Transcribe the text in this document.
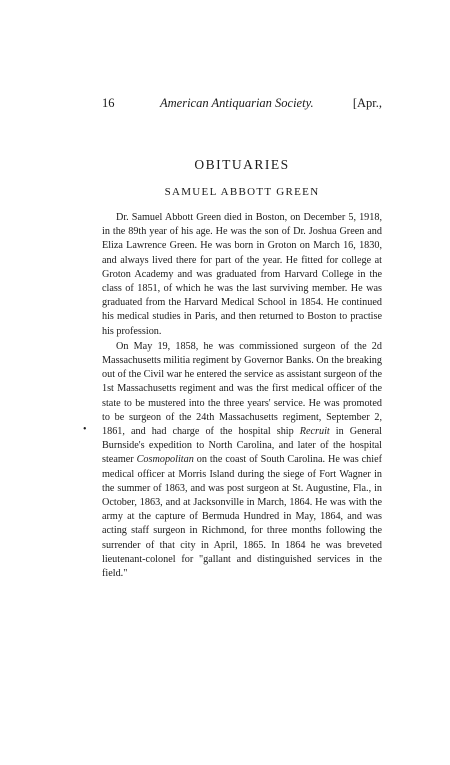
16	American Antiquarian Society.	[Apr.,
OBITUARIES
SAMUEL ABBOTT GREEN
•

Dr. Samuel Abbott Green died in Boston, on December 5, 1918, in the 89th year of his age. He was the son of Dr. Joshua Green and Eliza Lawrence Green. He was born in Groton on March 16, 1830, and always lived there for part of the year. He fitted for college at Groton Academy and was graduated from Harvard College in the class of 1851, of which he was the last surviving member. He was graduated from the Harvard Medical School in 1854. He continued his medical studies in Paris, and then returned to Boston to practise his profession.

On May 19, 1858, he was commissioned surgeon of the 2d Massachusetts militia regiment by Governor Banks. On the breaking out of the Civil war he entered the service as assistant surgeon of the 1st Massachusetts regiment and was the first medical officer of the state to be mustered into the three years' service. He was promoted to be surgeon of the 24th Massachusetts regiment, September 2, 1861, and had charge of the hospital ship Recruit in General Burnside's expedition to North Carolina, and later of the hospital steamer Cosmopolitan on the coast of South Carolina. He was chief medical officer at Morris Island during the siege of Fort Wagner in the summer of 1863, and was post surgeon at St. Augustine, Fla., in October, 1863, and at Jacksonville in March, 1864. He was with the army at the capture of Bermuda Hundred in May, 1864, and was acting staff surgeon in Richmond, for three months following the surrender of that city in April, 1865. In 1864 he was breveted lieutenant-colonel for "gallant and distinguished services in the field."
